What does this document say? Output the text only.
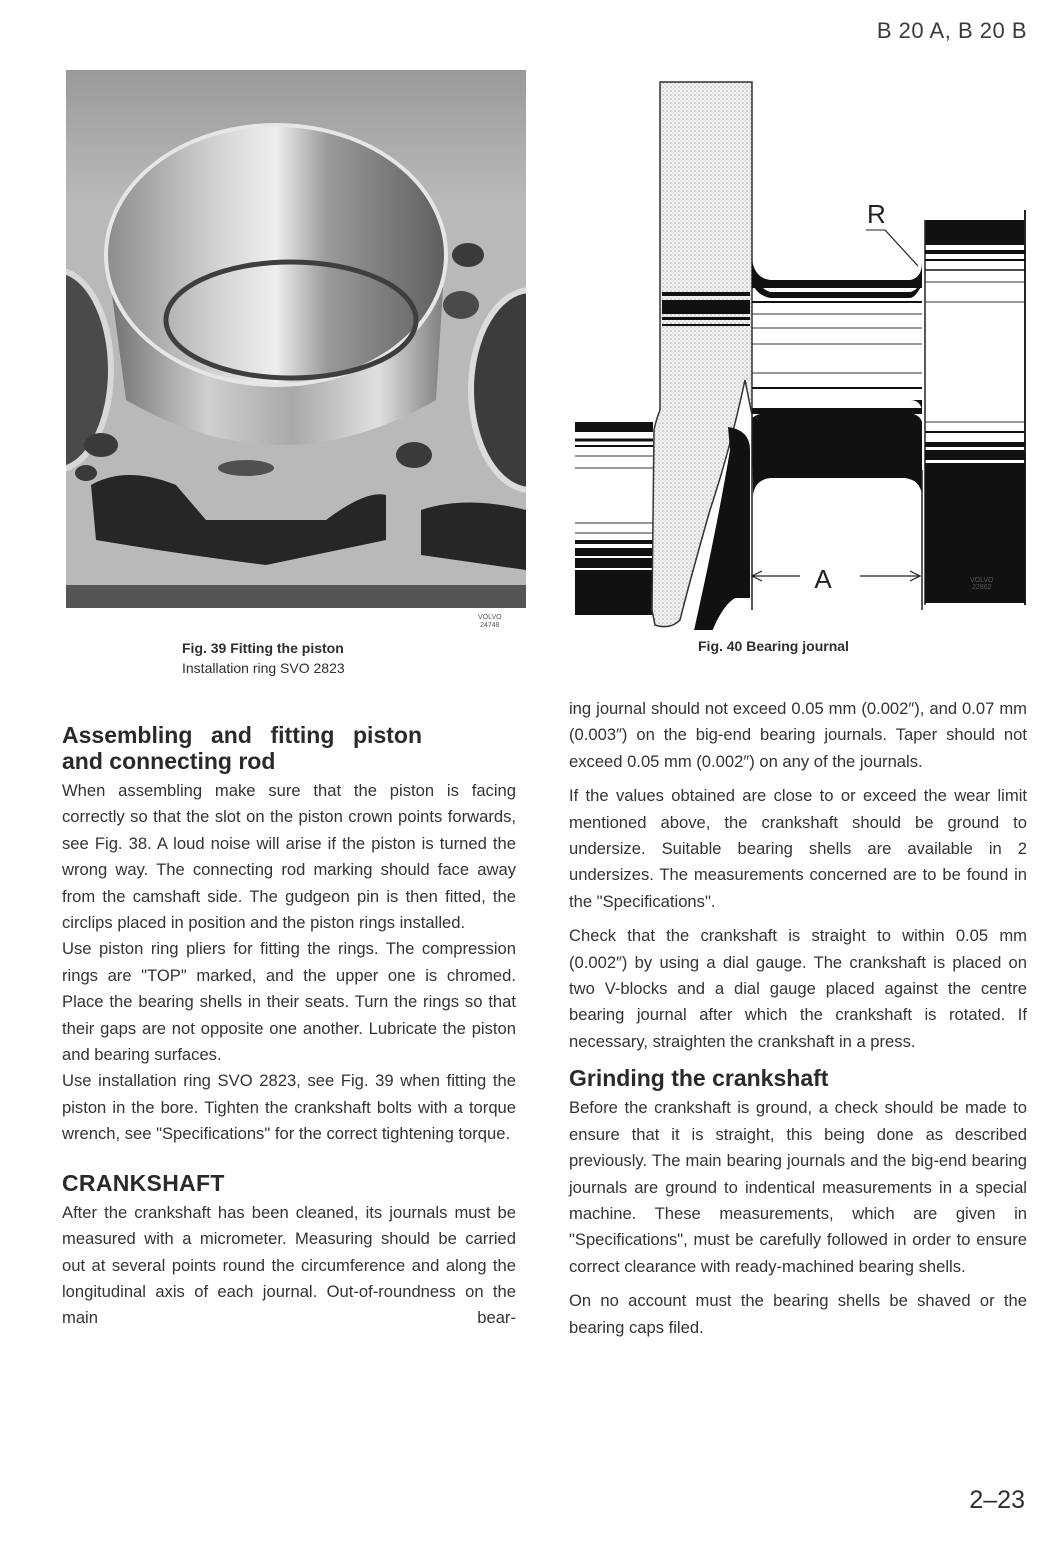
B 20 A, B 20 B
VOLVO
24748
Fig. 39 Fitting the piston
Installation ring SVO 2823
R
A	VOLVO
22862
Fig. 40 Bearing journal
Assembling and fitting piston and connecting rod

When assembling make sure that the piston is facing correctly so that the slot on the piston crown points forwards, see Fig. 38. A loud noise will arise if the piston is turned the wrong way. The connecting rod marking should face away from the camshaft side. The gudgeon pin is then fitted, the circlips placed in position and the piston rings installed.

Use piston ring pliers for fitting the rings. The compression rings are "TOP" marked, and the upper one is chromed. Place the bearing shells in their seats. Turn the rings so that their gaps are not opposite one another. Lubricate the piston and bearing surfaces.

Use installation ring SVO 2823, see Fig. 39 when fitting the piston in the bore. Tighten the crankshaft bolts with a torque wrench, see "Specifications" for the correct tightening torque.

CRANKSHAFT

After the crankshaft has been cleaned, its journals must be measured with a micrometer. Measuring should be carried out at several points round the circumference and along the longitudinal axis of each journal. Out-of-roundness on the main bear-

ing journal should not exceed 0.05 mm (0.002″), and 0.07 mm (0.003″) on the big-end bearing journals. Taper should not exceed 0.05 mm (0.002″) on any of the journals.

If the values obtained are close to or exceed the wear limit mentioned above, the crankshaft should be ground to undersize. Suitable bearing shells are available in 2 undersizes. The measurements concerned are to be found in the "Specifications".

Check that the crankshaft is straight to within 0.05 mm (0.002″) by using a dial gauge. The crankshaft is placed on two V-blocks and a dial gauge placed against the centre bearing journal after which the crankshaft is rotated. If necessary, straighten the crankshaft in a press.

Grinding the crankshaft

Before the crankshaft is ground, a check should be made to ensure that it is straight, this being done as described previously. The main bearing journals and the big-end bearing journals are ground to indentical measurements in a special machine. These measurements, which are given in "Specifications", must be carefully followed in order to ensure correct clearance with ready-machined bearing shells.

On no account must the bearing shells be shaved or the bearing caps filed.

2–23
